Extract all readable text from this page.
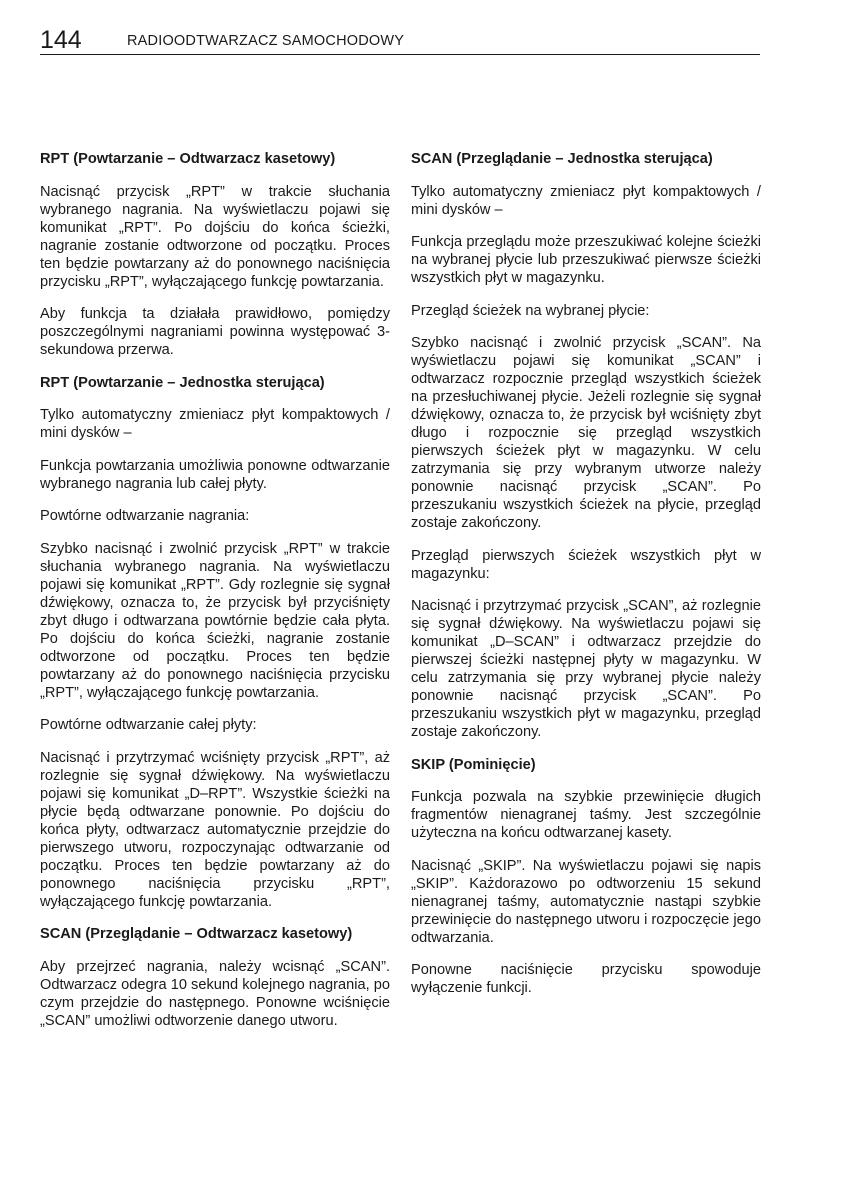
144	RADIOODTWARZACZ SAMOCHODOWY
RPT (Powtarzanie – Odtwarzacz kasetowy)

Nacisnąć przycisk „RPT” w trakcie słuchania wybranego nagrania. Na wyświetlaczu pojawi się komunikat „RPT”. Po dojściu do końca ścieżki, nagranie zostanie odtworzone od początku. Proces ten będzie powtarzany aż do ponownego naciśnięcia przycisku „RPT”, wyłączającego funkcję powtarzania.

Aby funkcja ta działała prawidłowo, pomiędzy poszczególnymi nagraniami powinna występować 3-sekundowa przerwa.

RPT (Powtarzanie – Jednostka sterująca)

Tylko automatyczny zmieniacz płyt kompaktowych / mini dysków –

Funkcja powtarzania umożliwia ponowne odtwarzanie wybranego nagrania lub całej płyty.

Powtórne odtwarzanie nagrania:

Szybko nacisnąć i zwolnić przycisk „RPT” w trakcie słuchania wybranego nagrania. Na wyświetlaczu pojawi się komunikat „RPT”. Gdy rozlegnie się sygnał dźwiękowy, oznacza to, że przycisk był przyciśnięty zbyt długo i odtwarzana powtórnie będzie cała płyta. Po dojściu do końca ścieżki, nagranie zostanie odtworzone od początku. Proces ten będzie powtarzany aż do ponownego naciśnięcia przycisku „RPT”, wyłączającego funkcję powtarzania.

Powtórne odtwarzanie całej płyty:

Nacisnąć i przytrzymać wciśnięty przycisk „RPT”, aż rozlegnie się sygnał dźwiękowy. Na wyświetlaczu pojawi się komunikat „D–RPT”. Wszystkie ścieżki na płycie będą odtwarzane ponownie. Po dojściu do końca płyty, odtwarzacz automatycznie przejdzie do pierwszego utworu, rozpoczynając odtwarzanie od początku. Proces ten będzie powtarzany aż do ponownego naciśnięcia przycisku „RPT”, wyłączającego funkcję powtarzania.

SCAN (Przeglądanie – Odtwarzacz kasetowy)

Aby przejrzeć nagrania, należy wcisnąć „SCAN”. Odtwarzacz odegra 10 sekund kolejnego nagrania, po czym przejdzie do następnego. Ponowne wciśnięcie „SCAN” umożliwi odtworzenie danego utworu.

SCAN (Przeglądanie – Jednostka sterująca)

Tylko automatyczny zmieniacz płyt kompaktowych / mini dysków –

Funkcja przeglądu może przeszukiwać kolejne ścieżki na wybranej płycie lub przeszukiwać pierwsze ścieżki wszystkich płyt w magazynku.

Przegląd ścieżek na wybranej płycie:

Szybko nacisnąć i zwolnić przycisk „SCAN”. Na wyświetlaczu pojawi się komunikat „SCAN” i odtwarzacz rozpocznie przegląd wszystkich ścieżek na przesłuchiwanej płycie. Jeżeli rozlegnie się sygnał dźwiękowy, oznacza to, że przycisk był wciśnięty zbyt długo i rozpocznie się przegląd wszystkich pierwszych ścieżek płyt w magazynku. W celu zatrzymania się przy wybranym utworze należy ponownie nacisnąć przycisk „SCAN”. Po przeszukaniu wszystkich ścieżek na płycie, przegląd zostaje zakończony.

Przegląd pierwszych ścieżek wszystkich płyt w magazynku:

Nacisnąć i przytrzymać przycisk „SCAN”, aż rozlegnie się sygnał dźwiękowy. Na wyświetlaczu pojawi się komunikat „D–SCAN” i odtwarzacz przejdzie do pierwszej ścieżki następnej płyty w magazynku. W celu zatrzymania się przy wybranej płycie należy ponownie nacisnąć przycisk „SCAN”. Po przeszukaniu wszystkich płyt w magazynku, przegląd zostaje zakończony.

SKIP (Pominięcie)

Funkcja pozwala na szybkie przewinięcie długich fragmentów nienagranej taśmy. Jest szczególnie użyteczna na końcu odtwarzanej kasety.

Nacisnąć „SKIP”. Na wyświetlaczu pojawi się napis „SKIP”. Każdorazowo po odtworzeniu 15 sekund nienagranej taśmy, automatycznie nastąpi szybkie przewinięcie do następnego utworu i rozpoczęcie jego odtwarzania.

Ponowne naciśnięcie przycisku spowoduje wyłączenie funkcji.
